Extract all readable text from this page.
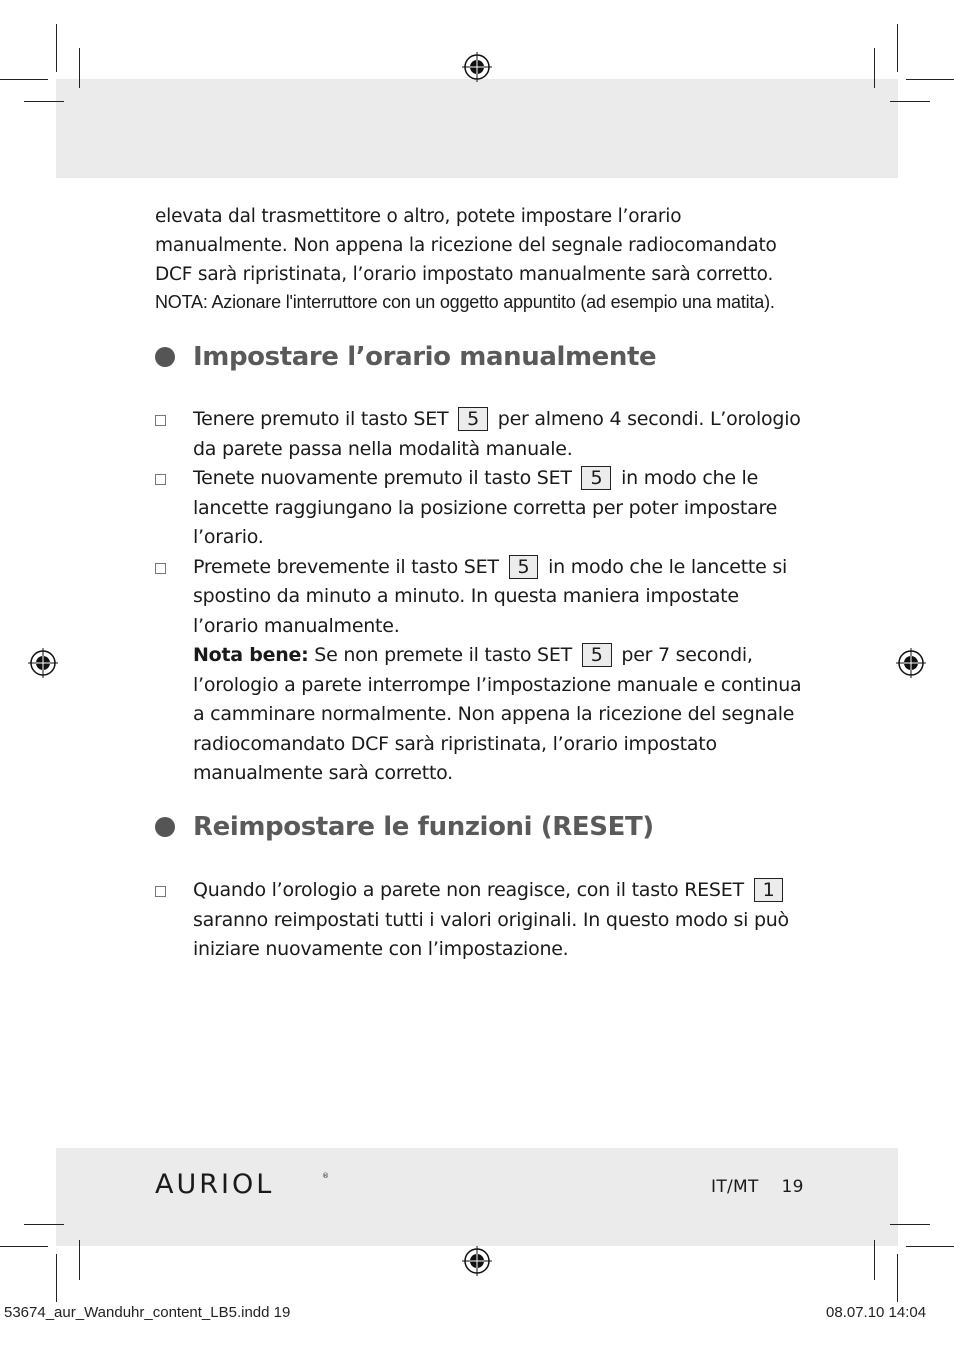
elevata dal trasmettitore o altro, potete impostare l’orario manualmente. Non appena la ricezione del segnale radiocomandato DCF sarà ripristinata, l’orario impostato manualmente sarà corretto.

NOTA: Azionare l'interruttore con un oggetto appuntito (ad esempio una matita).

Impostare l’orario manualmente
Tenere premuto il tasto SET 5 per almeno 4 secondi. L’orologio da parete passa nella modalità manuale.
Tenete nuovamente premuto il tasto SET 5 in modo che le lancette raggiungano la posizione corretta per poter impostare l’orario.
Premete brevemente il tasto SET 5 in modo che le lancette si spostino da minuto a minuto. In questa maniera impostate l’orario manualmente.
Nota bene: Se non premete il tasto SET 5 per 7 secondi, l’orologio a parete interrompe l’impostazione manuale e continua a camminare normalmente. Non appena la ricezione del segnale radiocomandato DCF sarà ripristinata, l’orario impostato manualmente sarà corretto.
Reimpostare le funzioni (RESET)
Quando l’orologio a parete non reagisce, con il tasto RESET 1 saranno reimpostati tutti i valori originali. In questo modo si può iniziare nuovamente con l’impostazione.
AURIOL	®
IT/MT 19
53674_aur_Wanduhr_content_LB5.indd 19	08.07.10 14:04
